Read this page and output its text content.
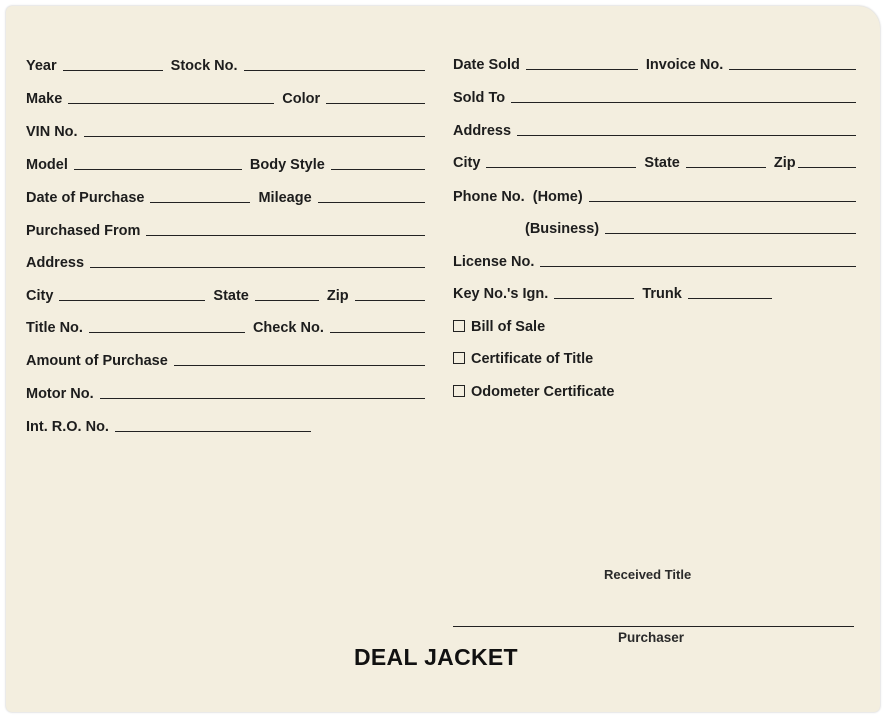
Year	Stock No.
Make	Color
VIN No.
Model	Body Style
Date of Purchase	Mileage
Purchased From
Address
City	State	Zip
Title No.	Check No.
Amount of Purchase
Motor No.
Int. R.O. No.
Date Sold	Invoice No.
Sold To
Address
City	State	Zip
Phone No.  (Home)
(Business)
License No.
Key No.'s Ign.	Trunk
Bill of Sale
Certificate of Title
Odometer Certificate
Received Title
Purchaser
DEAL JACKET
